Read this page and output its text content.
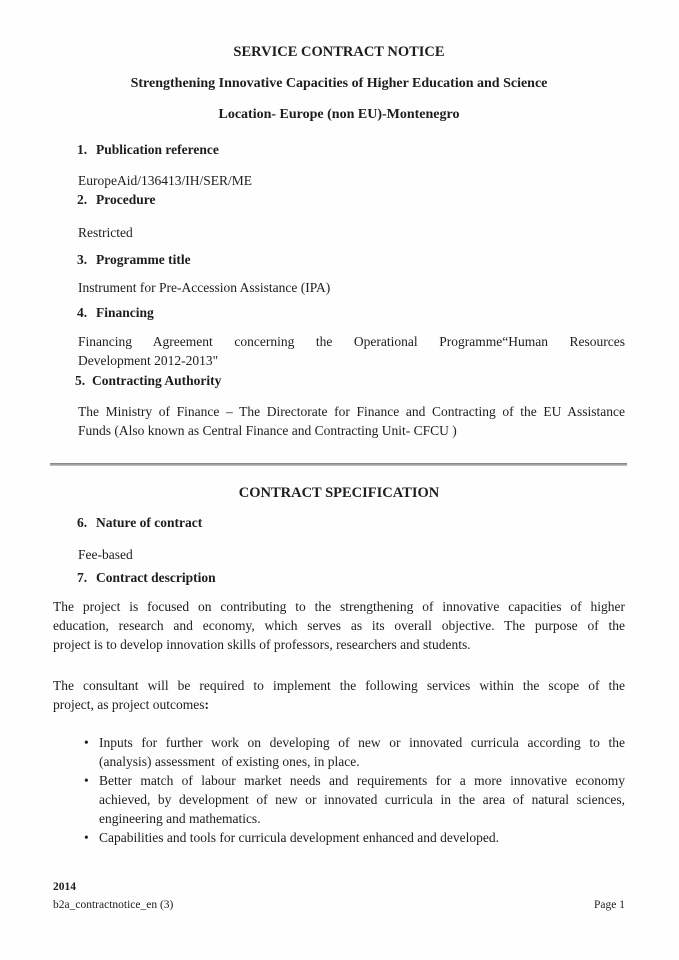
SERVICE CONTRACT NOTICE
Strengthening Innovative Capacities of Higher Education and Science
Location- Europe (non EU)-Montenegro
1. Publication reference
EuropeAid/136413/IH/SER/ME
2. Procedure
Restricted
3. Programme title
Instrument for Pre-Accession Assistance (IPA)
4. Financing
Financing Agreement concerning the Operational Programme“Human Resources
Development 2012-2013"
5. Contracting Authority
The Ministry of Finance – The Directorate for Finance and Contracting of the EU Assistance
Funds (Also known as Central Finance and Contracting Unit- CFCU )
CONTRACT SPECIFICATION
6. Nature of contract
Fee-based
7. Contract description
The project is focused on contributing to the strengthening of innovative capacities of higher
education, research and economy, which serves as its overall objective. The purpose of the
project is to develop innovation skills of professors, researchers and students.
The consultant will be required to implement the following services within the scope of the
project, as project outcomes:
• Inputs for further work on developing of new or innovated curricula according to the
(analysis) assessment  of existing ones, in place.
• Better match of labour market needs and requirements for a more innovative economy
achieved, by development of new or innovated curricula in the area of natural sciences,
engineering and mathematics.
• Capabilities and tools for curricula development enhanced and developed.
2014
b2a_contractnotice_en (3)	Page 1
